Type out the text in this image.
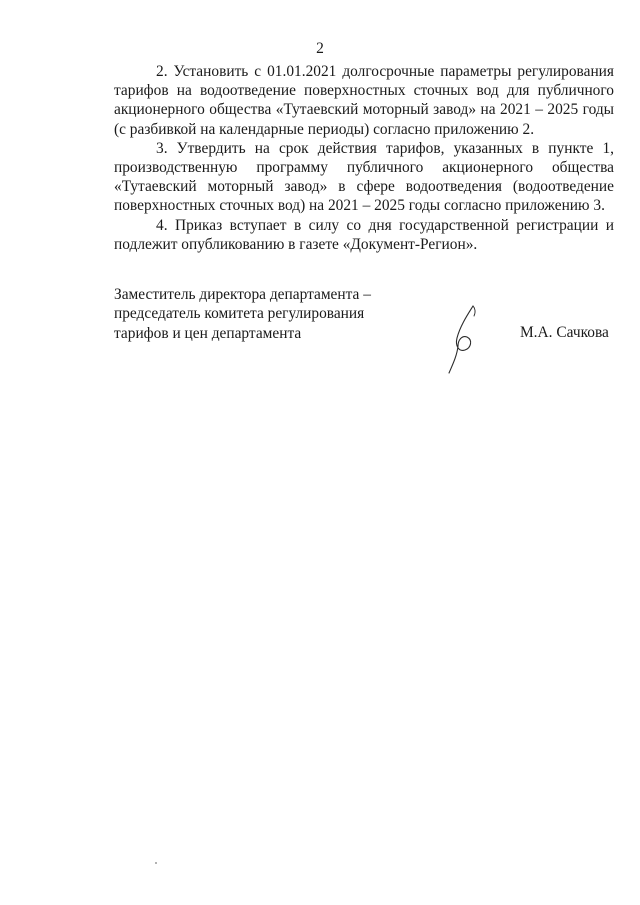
2

2. Установить с 01.01.2021 долгосрочные параметры регулирования тарифов на водоотведение поверхностных сточных вод для публичного акционерного общества «Тутаевский моторный завод» на 2021 – 2025 годы (с разбивкой на календарные периоды) согласно приложению 2.

3. Утвердить на срок действия тарифов, указанных в пункте 1, производственную программу публичного акционерного общества «Тутаевский моторный завод» в сфере водоотведения (водоотведение поверхностных сточных вод) на 2021 – 2025 годы согласно приложению 3.

4. Приказ вступает в силу со дня государственной регистрации и подлежит опубликованию в газете «Документ-Регион».

Заместитель директора департамента –
председатель комитета регулирования
тарифов и цен департамента	М.А. Сачкова
